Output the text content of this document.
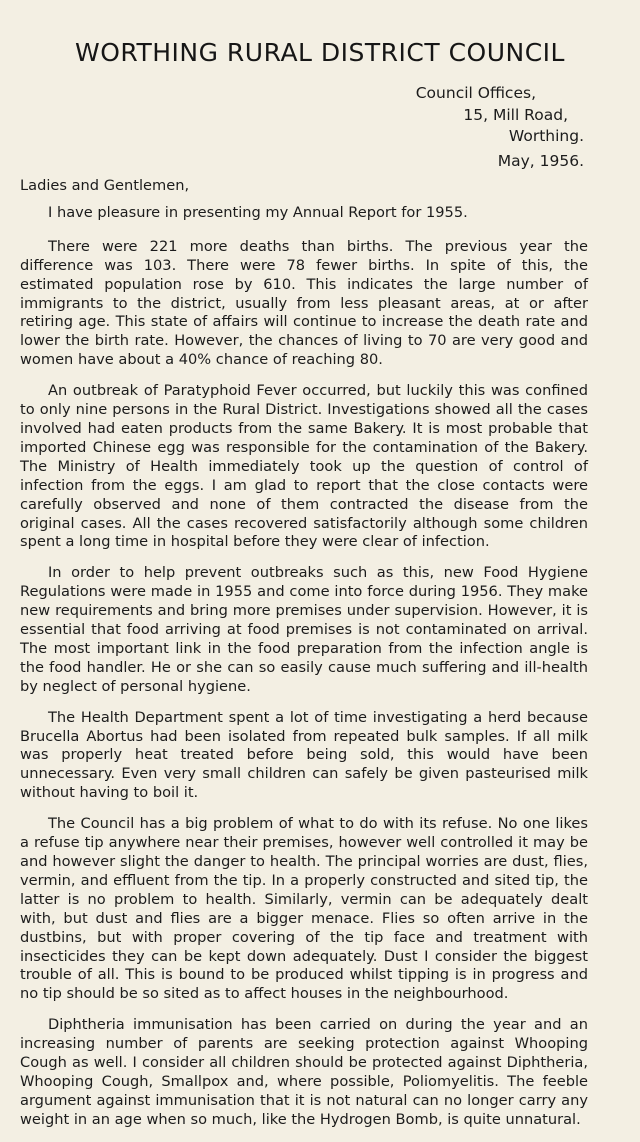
WORTHING RURAL DISTRICT COUNCIL
Council Offices,
15, Mill Road,
Worthing.
May, 1956.

Ladies and Gentlemen,

I have pleasure in presenting my Annual Report for 1955.

There were 221 more deaths than births. The previous year the difference was 103. There were 78 fewer births. In spite of this, the estimated population rose by 610. This indicates the large number of immigrants to the district, usually from less pleasant areas, at or after retiring age. This state of affairs will continue to increase the death rate and lower the birth rate. However, the chances of living to 70 are very good and women have about a 40% chance of reaching 80.

An outbreak of Paratyphoid Fever occurred, but luckily this was confined to only nine persons in the Rural District. Investigations showed all the cases involved had eaten products from the same Bakery. It is most probable that imported Chinese egg was responsible for the contamination of the Bakery. The Ministry of Health immediately took up the question of control of infection from the eggs. I am glad to report that the close contacts were carefully observed and none of them contracted the disease from the original cases. All the cases recovered satisfactorily although some children spent a long time in hospital before they were clear of infection.

In order to help prevent outbreaks such as this, new Food Hygiene Regulations were made in 1955 and come into force during 1956. They make new requirements and bring more premises under supervision. However, it is essential that food arriving at food premises is not contaminated on arrival. The most important link in the food preparation from the infection angle is the food handler. He or she can so easily cause much suffering and ill-health by neglect of personal hygiene.

The Health Department spent a lot of time investigating a herd because Brucella Abortus had been isolated from repeated bulk samples. If all milk was properly heat treated before being sold, this would have been unnecessary. Even very small children can safely be given pasteurised milk without having to boil it.

The Council has a big problem of what to do with its refuse. No one likes a refuse tip anywhere near their premises, however well controlled it may be and however slight the danger to health. The principal worries are dust, flies, vermin, and effluent from the tip. In a properly constructed and sited tip, the latter is no problem to health. Similarly, vermin can be adequately dealt with, but dust and flies are a bigger menace. Flies so often arrive in the dustbins, but with proper covering of the tip face and treatment with insecticides they can be kept down adequately. Dust I consider the biggest trouble of all. This is bound to be produced whilst tipping is in progress and no tip should be so sited as to affect houses in the neighbourhood.

Diphtheria immunisation has been carried on during the year and an increasing number of parents are seeking protection against Whooping Cough as well. I consider all children should be protected against Diphtheria, Whooping Cough, Smallpox and, where possible, Poliomyelitis. The feeble argument against immunisation that it is not natural can no longer carry any weight in an age when so much, like the Hydrogen Bomb, is quite unnatural.
